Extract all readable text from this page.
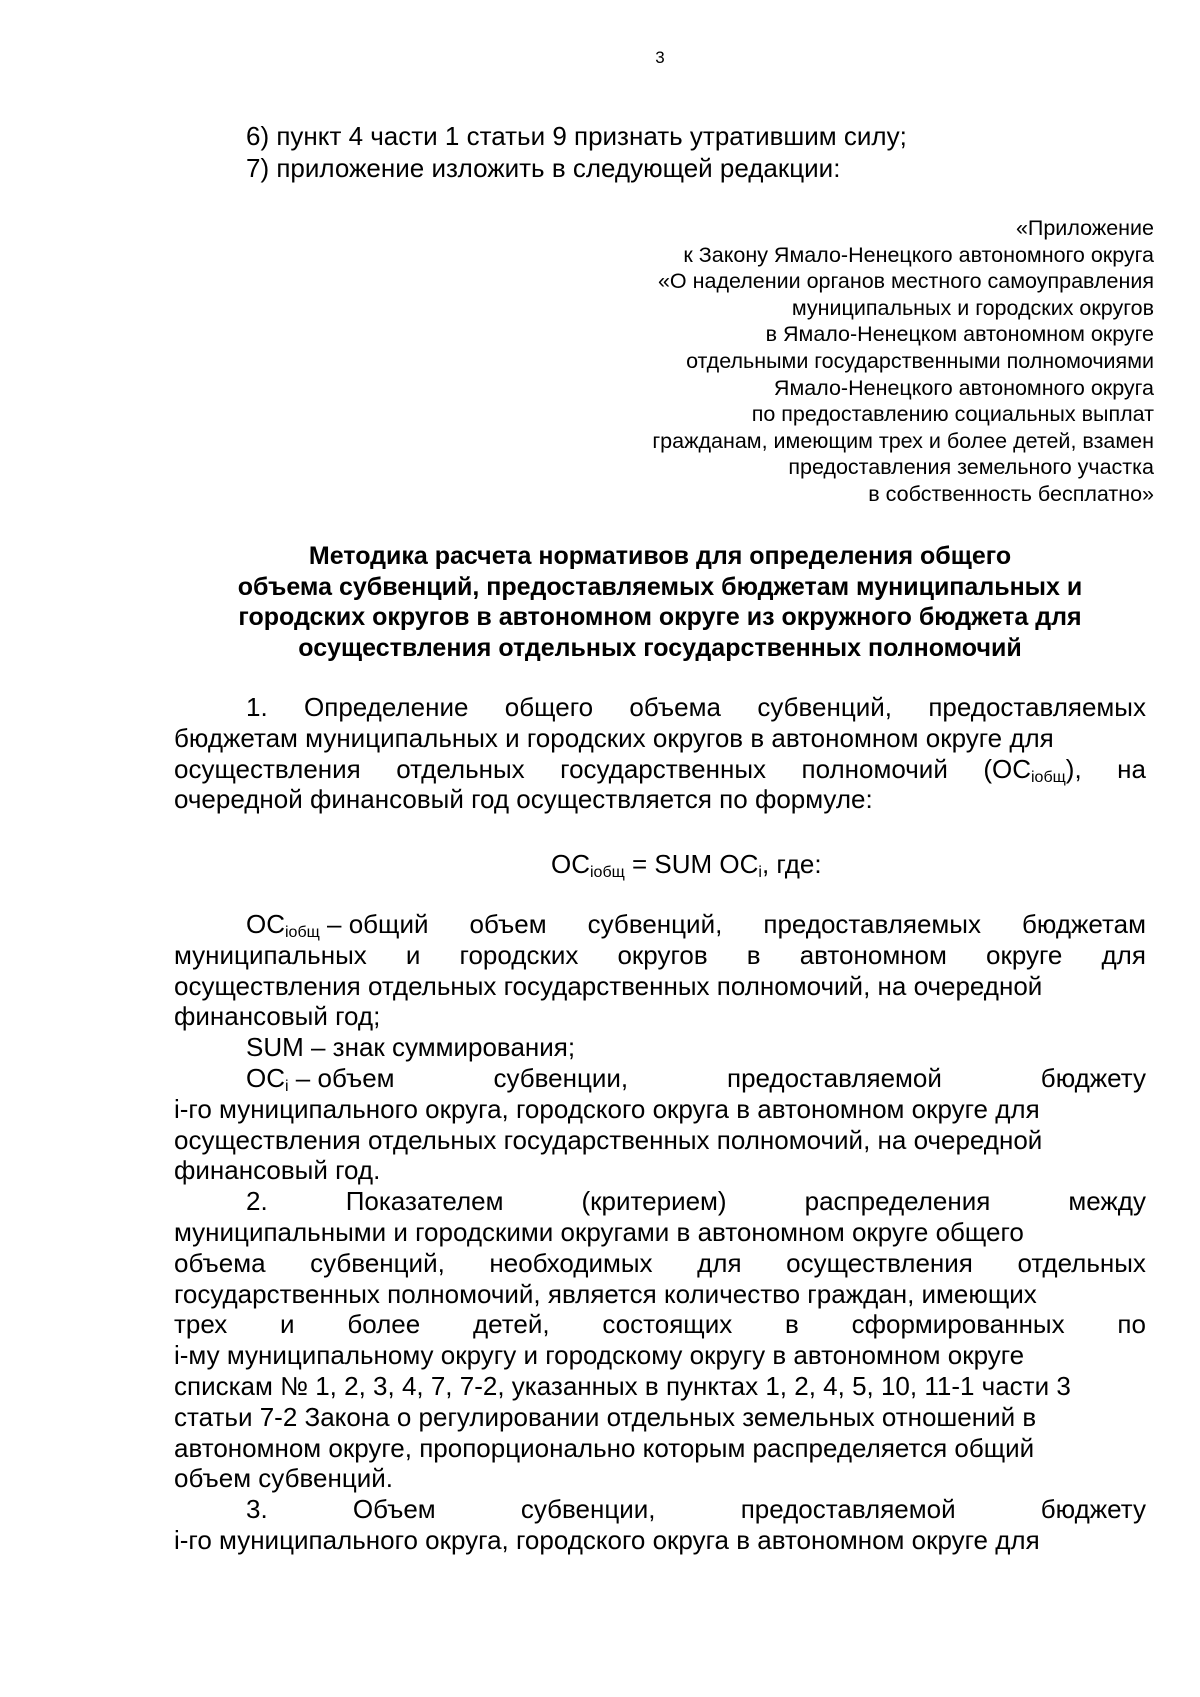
3
6) пункт 4 части 1 статьи 9 признать утратившим силу;
7) приложение изложить в следующей редакции:
«Приложение
к Закону Ямало-Ненецкого автономного округа
«О наделении органов местного самоуправления
муниципальных и городских округов
в Ямало-Ненецком автономном округе
отдельными государственными полномочиями
Ямало-Ненецкого автономного округа
по предоставлению социальных выплат
гражданам, имеющим трех и более детей, взамен
предоставления земельного участка
в собственность бесплатно»
Методика расчета нормативов для определения общего
объема субвенций, предоставляемых бюджетам муниципальных и
городских округов в автономном округе из окружного бюджета для
осуществления отдельных государственных полномочий
1. Определение общего объема субвенций, предоставляемых
бюджетам муниципальных и городских округов в автономном округе для
осуществления отдельных государственных полномочий $(ОС_{iобщ})$, на
очередной финансовый год осуществляется по формуле:
$ОС_{iобщ}$ = SUM $ОС_i$, где:
$ОС_{iобщ}$ – общий объем субвенций, предоставляемых бюджетам
муниципальных и городских округов в автономном округе для
осуществления отдельных государственных полномочий, на очередной
финансовый год;
SUM – знак суммирования;
$ОС_i$ – объем	субвенции,	предоставляемой	бюджету
i-го муниципального округа, городского округа в автономном округе для
осуществления отдельных государственных полномочий, на очередной
финансовый год.
2.	Показателем	(критерием)	распределения	между
муниципальными и городскими округами в автономном округе общего
объема субвенций, необходимых для осуществления отдельных
государственных полномочий, является количество граждан, имеющих
трех и более детей, состоящих в сформированных по
i-му муниципальному округу и городскому округу в автономном округе
спискам № 1, 2, 3, 4, 7, 7-2, указанных в пунктах 1, 2, 4, 5, 10, 11-1 части 3
статьи 7-2 Закона о регулировании отдельных земельных отношений в
автономном округе, пропорционально которым распределяется общий
объем субвенций.
3.	Объем	субвенции,	предоставляемой	бюджету
i-го муниципального округа, городского округа в автономном округе для
